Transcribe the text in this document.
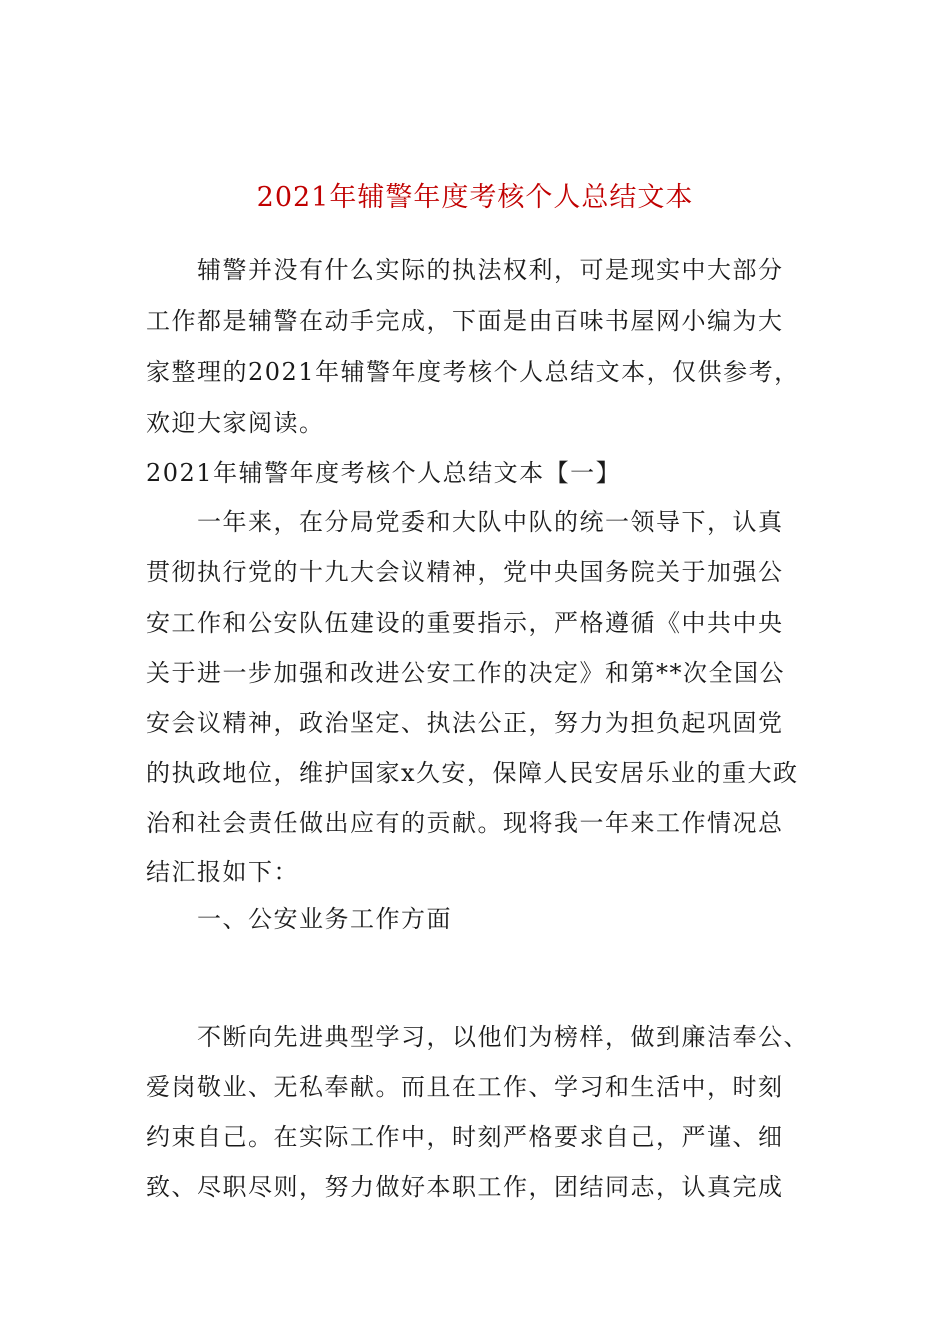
2021年辅警年度考核个人总结文本
　　辅警并没有什么实际的执法权利，可是现实中大部分
工作都是辅警在动手完成，下面是由百味书屋网小编为大
家整理的2021年辅警年度考核个人总结文本，仅供参考，
欢迎大家阅读。
2021年辅警年度考核个人总结文本【一】
　　一年来，在分局党委和大队中队的统一领导下，认真
贯彻执行党的十九大会议精神，党中央国务院关于加强公
安工作和公安队伍建设的重要指示，严格遵循《中共中央
关于进一步加强和改进公安工作的决定》和第**次全国公
安会议精神，政治坚定、执法公正，努力为担负起巩固党
的执政地位，维护国家x久安，保障人民安居乐业的重大政
治和社会责任做出应有的贡献。现将我一年来工作情况总
结汇报如下：
　　一、公安业务工作方面
　　不断向先进典型学习，以他们为榜样，做到廉洁奉公、
爱岗敬业、无私奉献。而且在工作、学习和生活中，时刻
约束自己。在实际工作中，时刻严格要求自己，严谨、细
致、尽职尽则，努力做好本职工作，团结同志，认真完成
